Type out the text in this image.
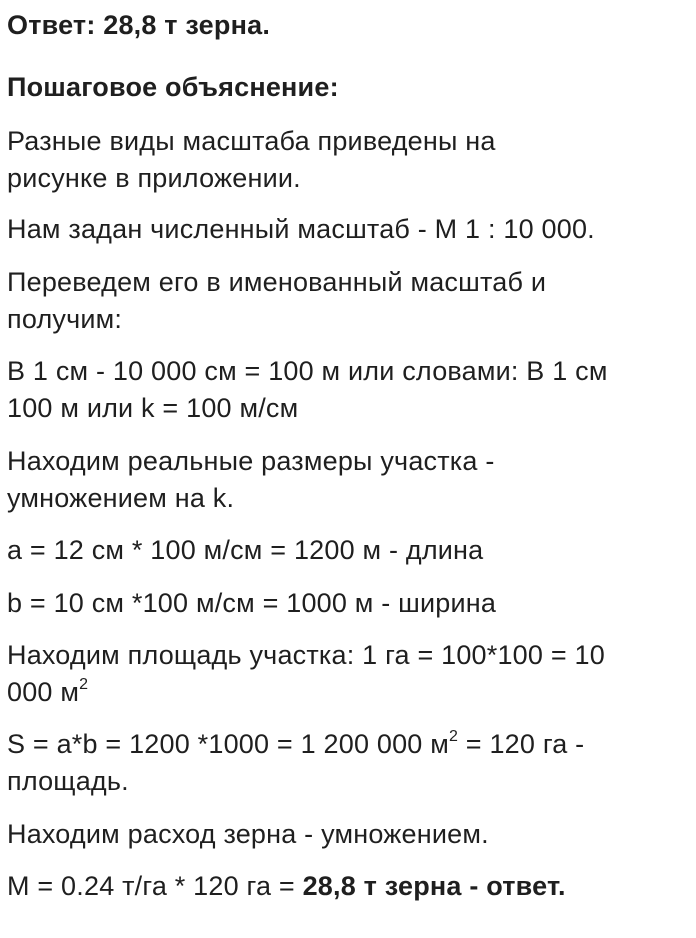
Ответ: 28,8 т зерна.
Пошаговое объяснение:
Разные виды масштаба приведены на
рисунке в приложении.
Нам задан численный масштаб - М 1 : 10 000.
Переведем его в именованный масштаб и
получим:
В 1 см - 10 000 см = 100 м или словами: В 1 см
100 м или k = 100 м/см
Находим реальные размеры участка -
умножением на k.
a = 12 см * 100 м/см = 1200 м - длина
b = 10 см *100 м/см = 1000 м - ширина
Находим площадь участка: 1 га = 100*100 = 10
000 $м^2$
S = a*b = 1200 *1000 = 1 200 000 $м^2 = 120$ га -
площадь.
Находим расход зерна - умножением.
M = 0.24 т/га * 120 га = 28,8 т зерна - ответ.
